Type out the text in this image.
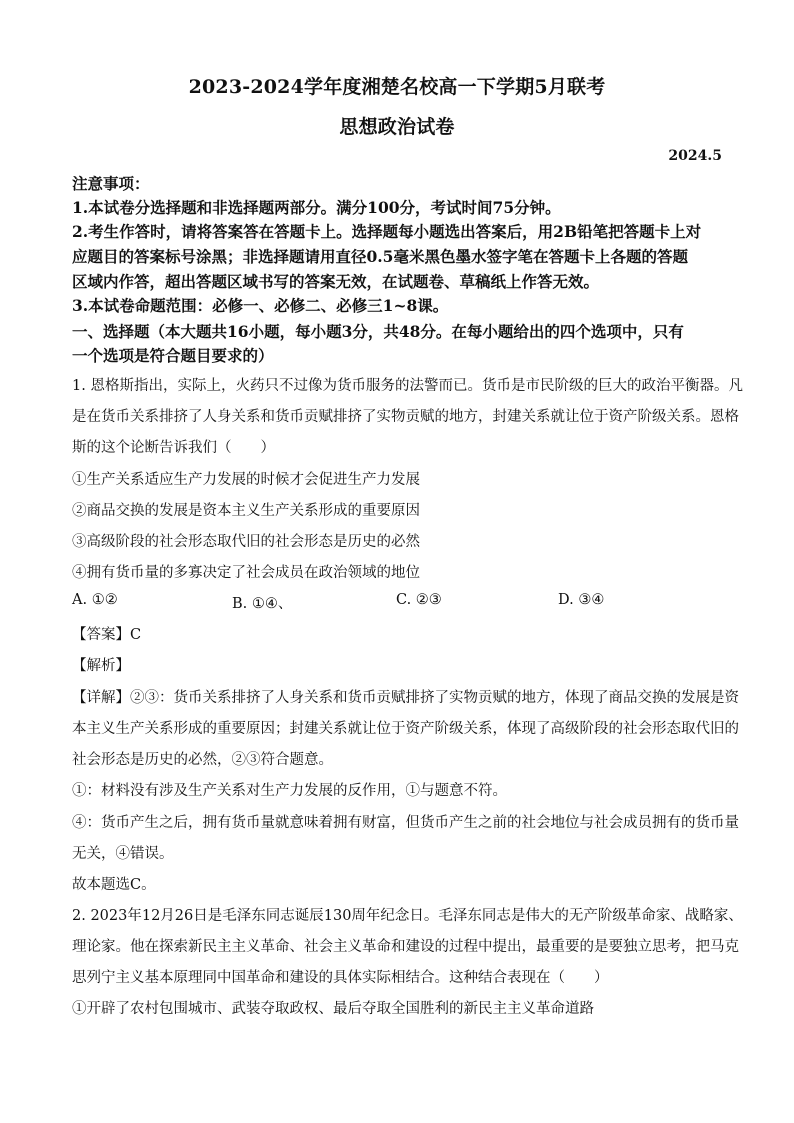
2023-2024学年度湘楚名校高一下学期5月联考
思想政治试卷
2024.5
注意事项：
1.本试卷分选择题和非选择题两部分。满分100分，考试时间75分钟。
2.考生作答时，请将答案答在答题卡上。选择题每小题选出答案后，用2B铅笔把答题卡上对
应题目的答案标号涂黑；非选择题请用直径0.5毫米黑色墨水签字笔在答题卡上各题的答题
区域内作答，超出答题区域书写的答案无效，在试题卷、草稿纸上作答无效。
3.本试卷命题范围：必修一、必修二、必修三1~8课。
一、选择题（本大题共16小题，每小题3分，共48分。在每小题给出的四个选项中，只有
一个选项是符合题目要求的）
1. 恩格斯指出，实际上，火药只不过像为货币服务的法警而已。货币是市民阶级的巨大的政治平衡器。凡
是在货币关系排挤了人身关系和货币贡赋排挤了实物贡赋的地方，封建关系就让位于资产阶级关系。恩格
斯的这个论断告诉我们（　　）
①生产关系适应生产力发展的时候才会促进生产力发展
②商品交换的发展是资本主义生产关系形成的重要原因
③高级阶段的社会形态取代旧的社会形态是历史的必然
④拥有货币量的多寡决定了社会成员在政治领域的地位
A. ①②	B. ①④、	C. ②③	D. ③④
【答案】C
【解析】
【详解】②③：货币关系排挤了人身关系和货币贡赋排挤了实物贡赋的地方，体现了商品交换的发展是资
本主义生产关系形成的重要原因；封建关系就让位于资产阶级关系，体现了高级阶段的社会形态取代旧的
社会形态是历史的必然，②③符合题意。
①：材料没有涉及生产关系对生产力发展的反作用，①与题意不符。
④：货币产生之后，拥有货币量就意味着拥有财富，但货币产生之前的社会地位与社会成员拥有的货币量
无关，④错误。
故本题选C。
2. 2023年12月26日是毛泽东同志诞辰130周年纪念日。毛泽东同志是伟大的无产阶级革命家、战略家、
理论家。他在探索新民主主义革命、社会主义革命和建设的过程中提出，最重要的是要独立思考，把马克
思列宁主义基本原理同中国革命和建设的具体实际相结合。这种结合表现在（　　）
①开辟了农村包围城市、武装夺取政权、最后夺取全国胜利的新民主主义革命道路
